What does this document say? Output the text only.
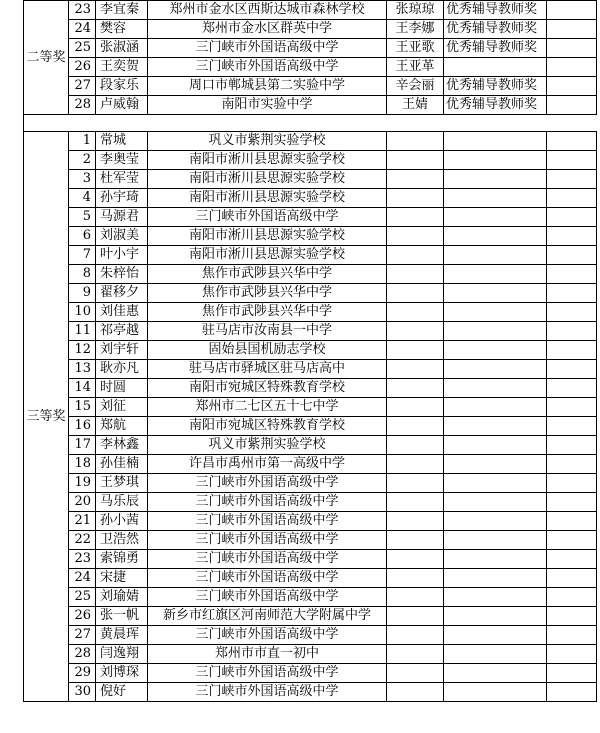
二等奖	23	李宜秦	郑州市金水区西斯达城市森林学校	张琼琼	优秀辅导教师奖	
	24	樊容	郑州市金水区群英中学	王李娜	优秀辅导教师奖	
	25	张淑涵	三门峡市外国语高级中学	王亚歌	优秀辅导教师奖	
	26	王奕贺	三门峡市外国语高级中学	王亚革		
	27	段家乐	周口市郸城县第二实验中学	辛会丽	优秀辅导教师奖	
	28	卢威翰	南阳市实验中学	王婧	优秀辅导教师奖	

三等奖	1	常城	巩义市紫荆实验学校			
	2	李奥莹	南阳市淅川县思源实验学校			
	3	杜军莹	南阳市淅川县思源实验学校			
	4	孙宇琦	南阳市淅川县思源实验学校			
	5	马源君	三门峡市外国语高级中学			
	6	刘淑美	南阳市淅川县思源实验学校			
	7	叶小宇	南阳市淅川县思源实验学校			
	8	朱梓怡	焦作市武陟县兴华中学			
	9	翟移夕	焦作市武陟县兴华中学			
	10	刘佳惠	焦作市武陟县兴华中学			
	11	祁亭越	驻马店市汝南县一中学			
	12	刘宇轩	固始县国机励志学校			
	13	耿亦凡	驻马店市驿城区驻马店高中			
	14	时圆	南阳市宛城区特殊教育学校			
	15	刘征	郑州市二七区五十七中学			
	16	郑航	南阳市宛城区特殊教育学校			
	17	李林鑫	巩义市紫荆实验学校			
	18	孙佳楠	许昌市禹州市第一高级中学			
	19	王梦琪	三门峡市外国语高级中学			
	20	马乐辰	三门峡市外国语高级中学			
	21	孙小茜	三门峡市外国语高级中学			
	22	卫浩然	三门峡市外国语高级中学			
	23	索锦勇	三门峡市外国语高级中学			
	24	宋捷	三门峡市外国语高级中学			
	25	刘瑜婧	三门峡市外国语高级中学			
	26	张一帆	新乡市红旗区河南师范大学附属中学			
	27	黄晨珲	三门峡市外国语高级中学			
	28	闫逸翔	郑州市市直一初中			
	29	刘博琛	三门峡市外国语高级中学			
	30	倪好	三门峡市外国语高级中学			
